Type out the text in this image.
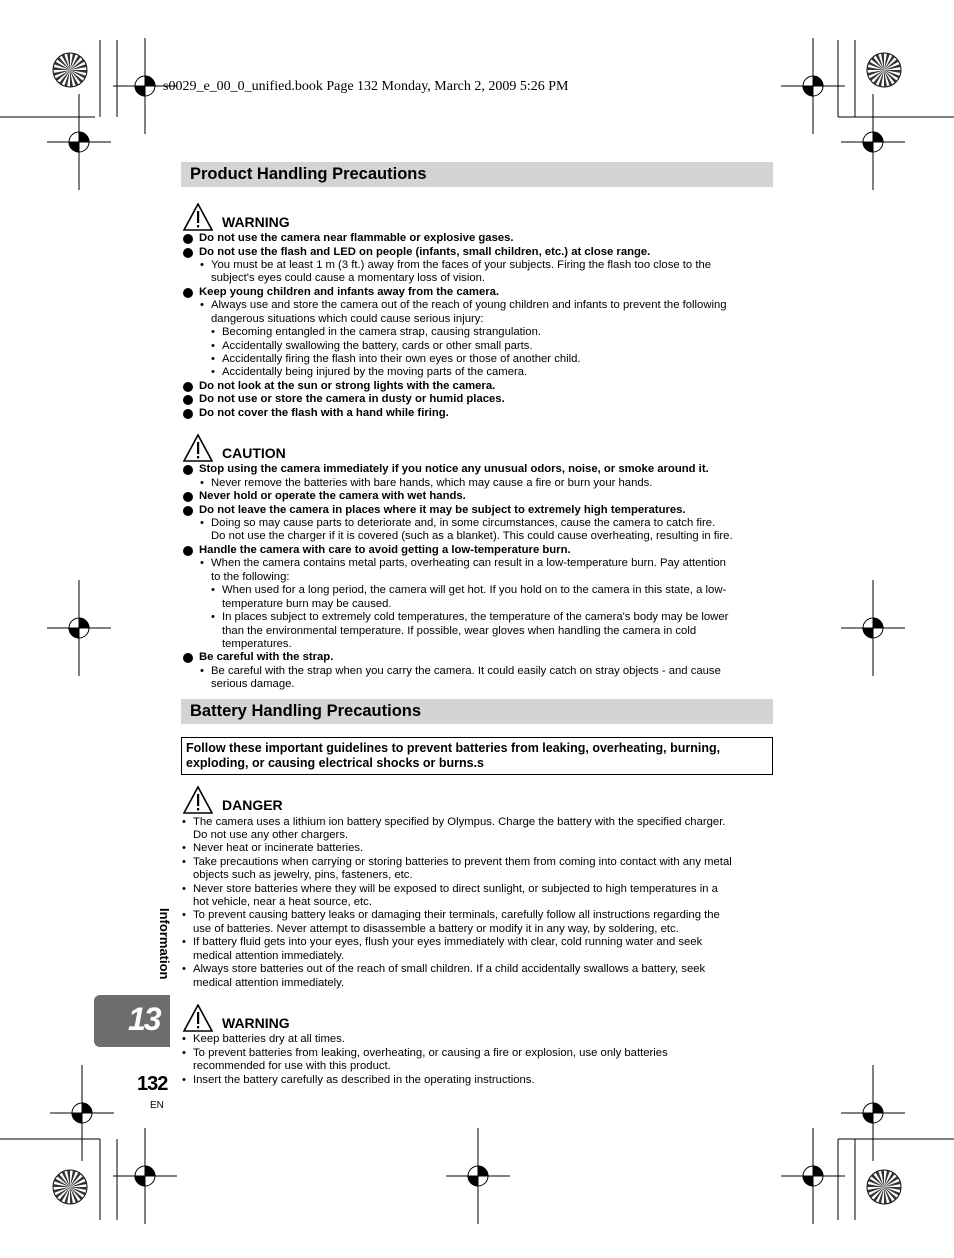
s0029_e_00_0_unified.book Page 132 Monday, March 2, 2009 5:26 PM
Product Handling Precautions
WARNING
Do not use the camera near flammable or explosive gases.
Do not use the flash and LED on people (infants, small children, etc.) at close range.
You must be at least 1 m (3 ft.) away from the faces of your subjects. Firing the flash too close to the
•
subject's eyes could cause a momentary loss of vision.
Keep young children and infants away from the camera.
Always use and store the camera out of the reach of young children and infants to prevent the following
•
dangerous situations which could cause serious injury:
Becoming entangled in the camera strap, causing strangulation.
•
Accidentally swallowing the battery, cards or other small parts.
•
Accidentally firing the flash into their own eyes or those of another child.
•
Accidentally being injured by the moving parts of the camera.
•
Do not look at the sun or strong lights with the camera.
Do not use or store the camera in dusty or humid places.
Do not cover the flash with a hand while firing.
CAUTION
Stop using the camera immediately if you notice any unusual odors, noise, or smoke around it.
Never remove the batteries with bare hands, which may cause a fire or burn your hands.
•
Never hold or operate the camera with wet hands.
Do not leave the camera in places where it may be subject to extremely high temperatures.
Doing so may cause parts to deteriorate and, in some circumstances, cause the camera to catch fire.
•
Do not use the charger if it is covered (such as a blanket). This could cause overheating, resulting in fire.
Handle the camera with care to avoid getting a low-temperature burn.
When the camera contains metal parts, overheating can result in a low-temperature burn. Pay attention
•
to the following:
When used for a long period, the camera will get hot. If you hold on to the camera in this state, a low-
•
temperature burn may be caused.
In places subject to extremely cold temperatures, the temperature of the camera's body may be lower
•
than the environmental temperature. If possible, wear gloves when handling the camera in cold
temperatures.
Be careful with the strap.
Be careful with the strap when you carry the camera. It could easily catch on stray objects - and cause
•
serious damage.
Battery Handling Precautions

Follow these important guidelines to prevent batteries from leaking, overheating, burning,
exploding, or causing electrical shocks or burns.s

DANGER
The camera uses a lithium ion battery specified by Olympus. Charge the battery with the specified charger.
•
Do not use any other chargers.
Never heat or incinerate batteries.
•
Take precautions when carrying or storing batteries to prevent them from coming into contact with any metal
•
objects such as jewelry, pins, fasteners, etc.
Never store batteries where they will be exposed to direct sunlight, or subjected to high temperatures in a
•
hot vehicle, near a heat source, etc.
To prevent causing battery leaks or damaging their terminals, carefully follow all instructions regarding the
•
use of batteries. Never attempt to disassemble a battery or modify it in any way, by soldering, etc.
If battery fluid gets into your eyes, flush your eyes immediately with clear, cold running water and seek
•
medical attention immediately.
Always store batteries out of the reach of small children. If a child accidentally swallows a battery, seek
•
medical attention immediately.
WARNING
Keep batteries dry at all times.
•
To prevent batteries from leaking, overheating, or causing a fire or explosion, use only batteries
•
recommended for use with this product.
Insert the battery carefully as described in the operating instructions.
•
Information
13
132
EN
